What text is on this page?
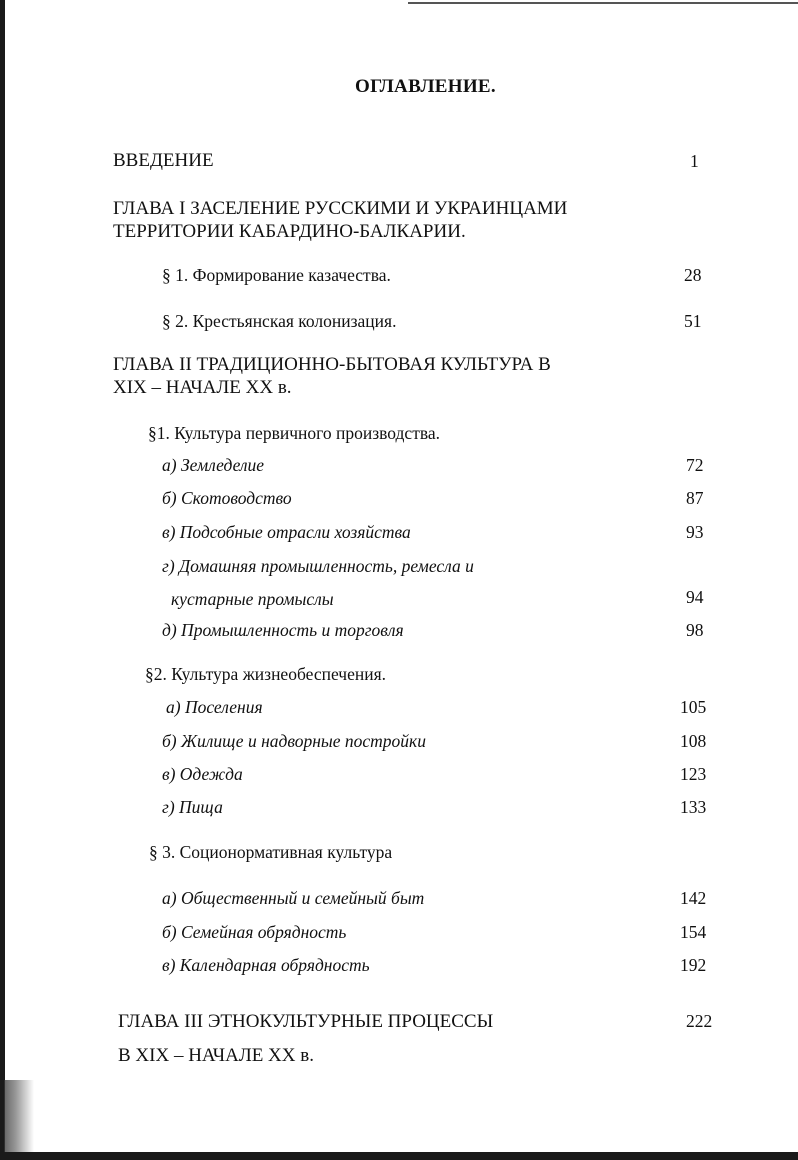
ОГЛАВЛЕНИЕ.
ВВЕДЕНИЕ	1
ГЛАВА I ЗАСЕЛЕНИЕ РУССКИМИ И УКРАИНЦАМИ
ТЕРРИТОРИИ КАБАРДИНО-БАЛКАРИИ.
§ 1. Формирование казачества.	28
§ 2. Крестьянская колонизация.	51
ГЛАВА II ТРАДИЦИОННО-БЫТОВАЯ КУЛЬТУРА В
XIX – НАЧАЛЕ XX в.
§1. Культура первичного производства.
а) Земледелие	72
б) Скотоводство	87
в) Подсобные отрасли хозяйства	93
г) Домашняя промышленность, ремесла и
кустарные промыслы	94
д) Промышленность и торговля	98
§2. Культура жизнеобеспечения.
а) Поселения	105
б) Жилище и надворные постройки	108
в) Одежда	123
г) Пища	133
§ 3. Соционормативная культура
а) Общественный и семейный быт	142
б) Семейная обрядность	154
в) Календарная обрядность	192
ГЛАВА III ЭТНОКУЛЬТУРНЫЕ ПРОЦЕССЫ	222
В XIX – НАЧАЛЕ XX в.
